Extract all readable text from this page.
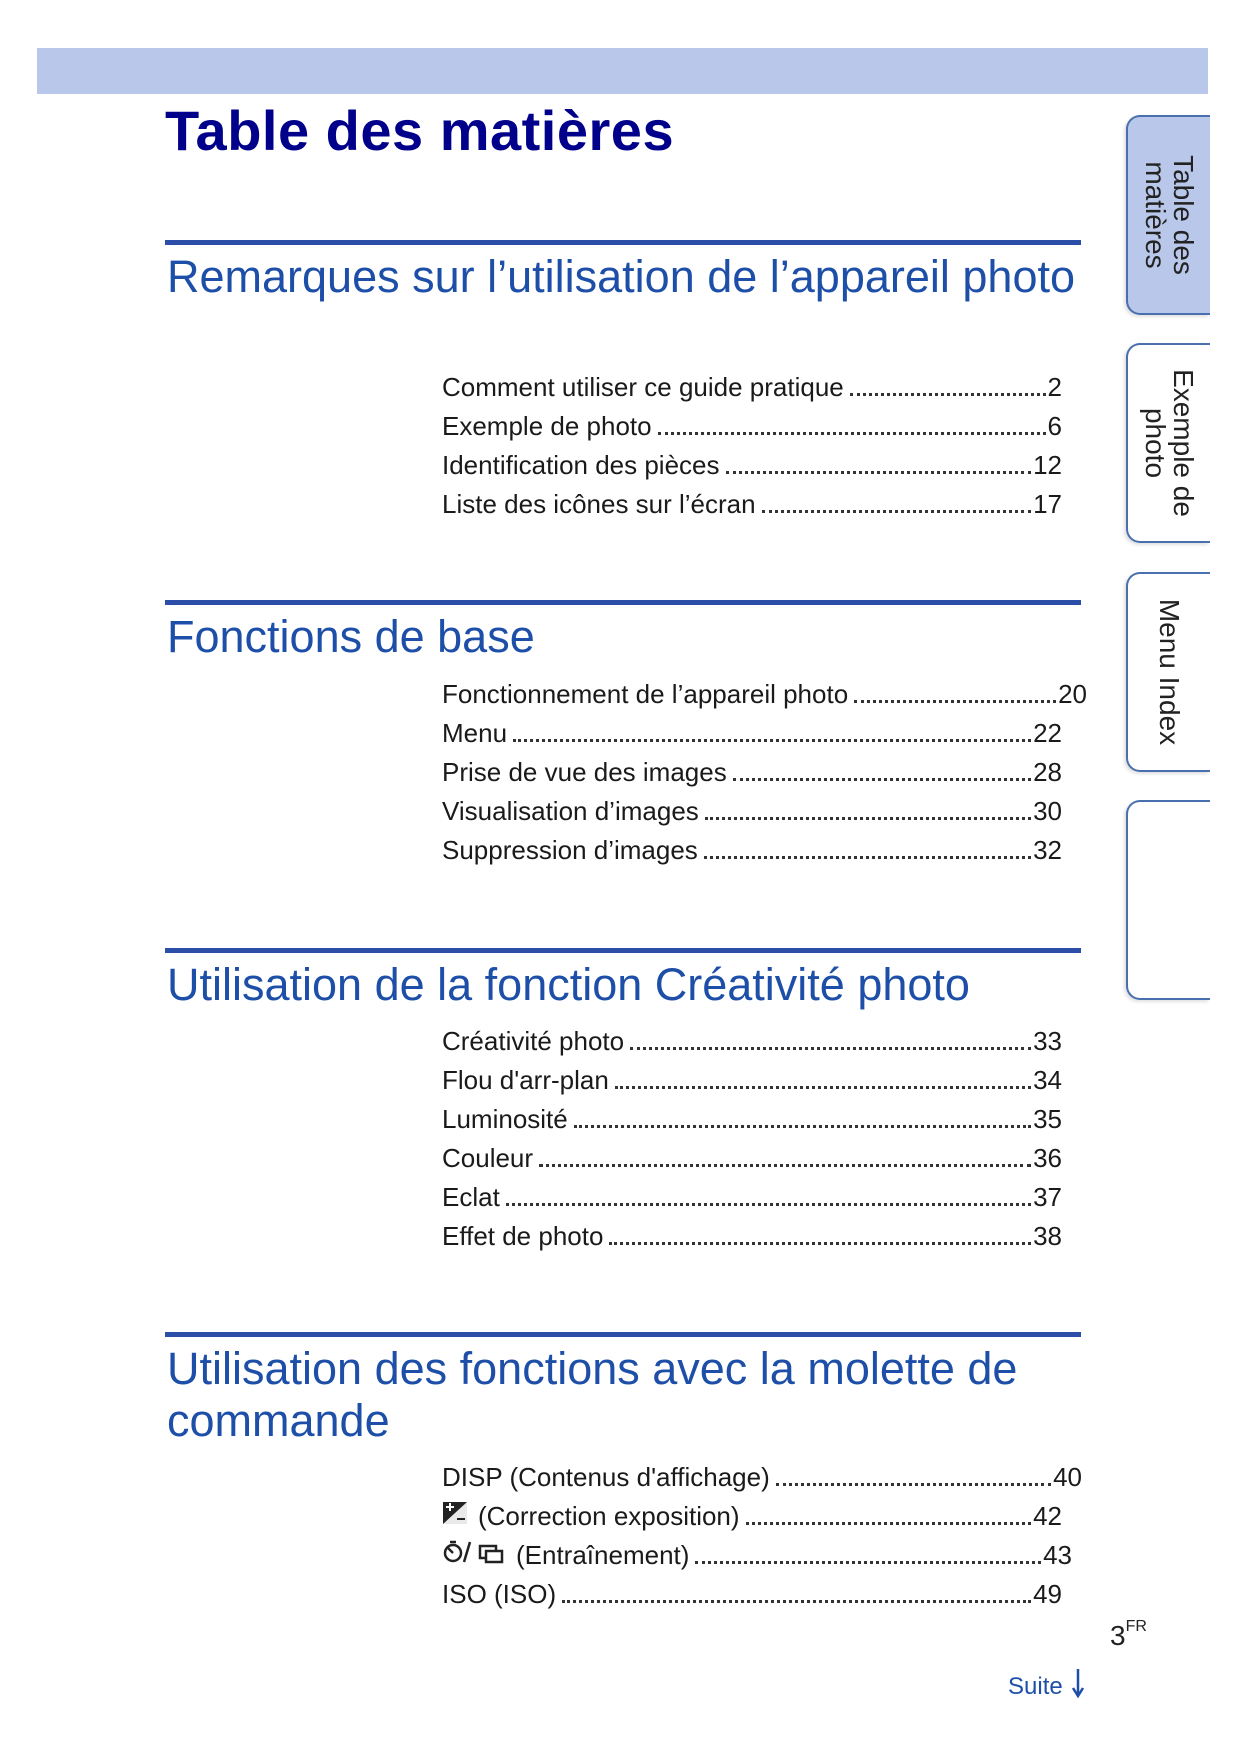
Table des matières
Remarques sur l’utilisation de l’appareil photo
Comment utiliser ce guide pratique	2
Exemple de photo	6
Identification des pièces	12
Liste des icônes sur l’écran	17
Fonctions de base
Fonctionnement de l’appareil photo	20
Menu	22
Prise de vue des images	28
Visualisation d’images	30
Suppression d’images	32
Utilisation de la fonction Créativité photo
Créativité photo	33
Flou d'arr-plan	34
Luminosité	35
Couleur	36
Eclat	37
Effet de photo	38
Utilisation des fonctions avec la molette de commande
DISP (Contenus d'affichage)	40
(Correction exposition)	42
(Entraînement)	43
ISO (ISO)	49
Table des
matières
Exemple de
photo
Menu Index
$3^{FR}$
Suite
